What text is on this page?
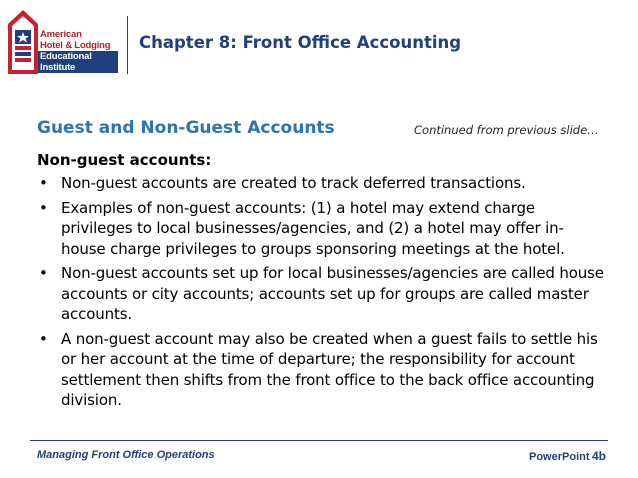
American
Hotel & Lodging
Educational Institute
Chapter 8: Front Office Accounting
Guest and Non-Guest Accounts	Continued from previous slide…
Non-guest accounts:
• Non-guest accounts are created to track deferred transactions.
• Examples of non-guest accounts: (1) a hotel may extend charge privileges to local businesses/agencies, and (2) a hotel may offer in-house charge privileges to groups sponsoring meetings at the hotel.
• Non-guest accounts set up for local businesses/agencies are called house accounts or city accounts; accounts set up for groups are called master accounts.
• A non-guest account may also be created when a guest fails to settle his or her account at the time of departure; the responsibility for account settlement then shifts from the front office to the back office accounting division.
Managing Front Office Operations	PowerPoint 4b
